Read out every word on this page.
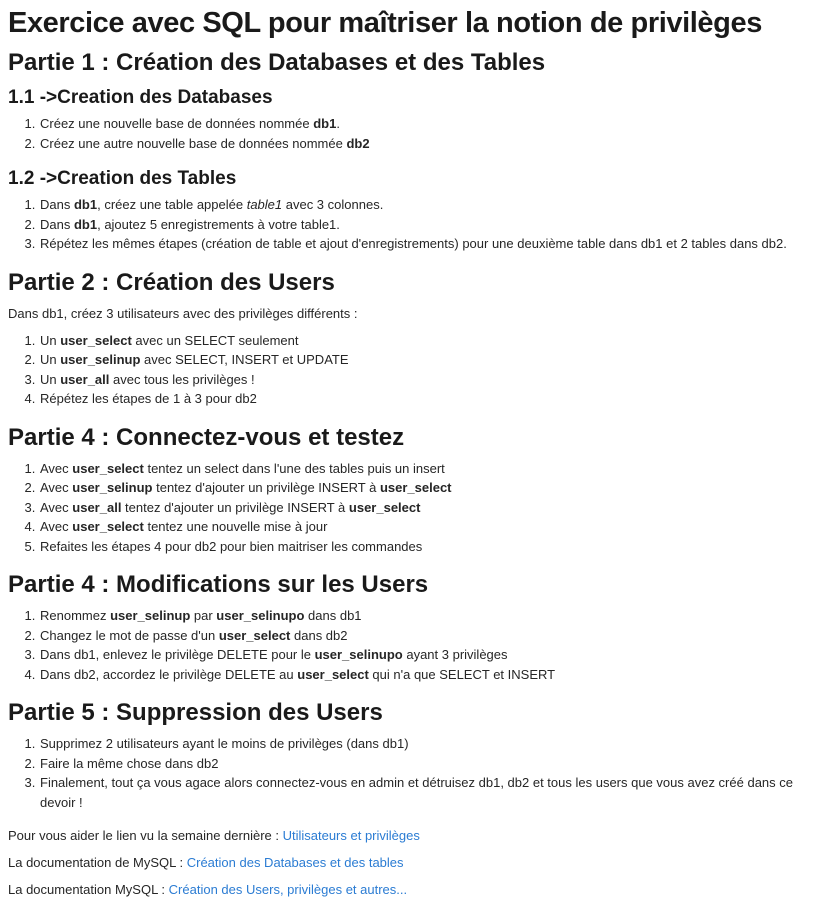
Exercice avec SQL pour maîtriser la notion de privilèges
Partie 1 : Création des Databases et des Tables
1.1 ->Creation des Databases
1. Créez une nouvelle base de données nommée db1.
2. Créez une autre nouvelle base de données nommée db2
1.2 ->Creation des Tables
1. Dans db1, créez une table appelée table1 avec 3 colonnes.
2. Dans db1, ajoutez 5 enregistrements à votre table1.
3. Répétez les mêmes étapes (création de table et ajout d'enregistrements) pour une deuxième table dans db1 et 2 tables dans db2.
Partie 2 : Création des Users

Dans db1, créez 3 utilisateurs avec des privilèges différents :

1. Un user_select avec un SELECT seulement
2. Un user_selinup avec SELECT, INSERT et UPDATE
3. Un user_all avec tous les privilèges !
4. Répétez les étapes de 1 à 3 pour db2
Partie 4 : Connectez-vous et testez
1. Avec user_select tentez un select dans l'une des tables puis un insert
2. Avec user_selinup tentez d'ajouter un privilège INSERT à user_select
3. Avec user_all tentez d'ajouter un privilège INSERT à user_select
4. Avec user_select tentez une nouvelle mise à jour
5. Refaites les étapes 4 pour db2 pour bien maitriser les commandes
Partie 4 : Modifications sur les Users
1. Renommez user_selinup par user_selinupo dans db1
2. Changez le mot de passe d'un user_select dans db2
3. Dans db1, enlevez le privilège DELETE pour le user_selinupo ayant 3 privilèges
4. Dans db2, accordez le privilège DELETE au user_select qui n'a que SELECT et INSERT
Partie 5 : Suppression des Users
1. Supprimez 2 utilisateurs ayant le moins de privilèges (dans db1)
2. Faire la même chose dans db2
3. Finalement, tout ça vous agace alors connectez-vous en admin et détruisez db1, db2 et tous les users que vous avez créé dans ce devoir !

Pour vous aider le lien vu la semaine dernière : Utilisateurs et privilèges

La documentation de MySQL : Création des Databases et des tables

La documentation MySQL : Création des Users, privilèges et autres...
